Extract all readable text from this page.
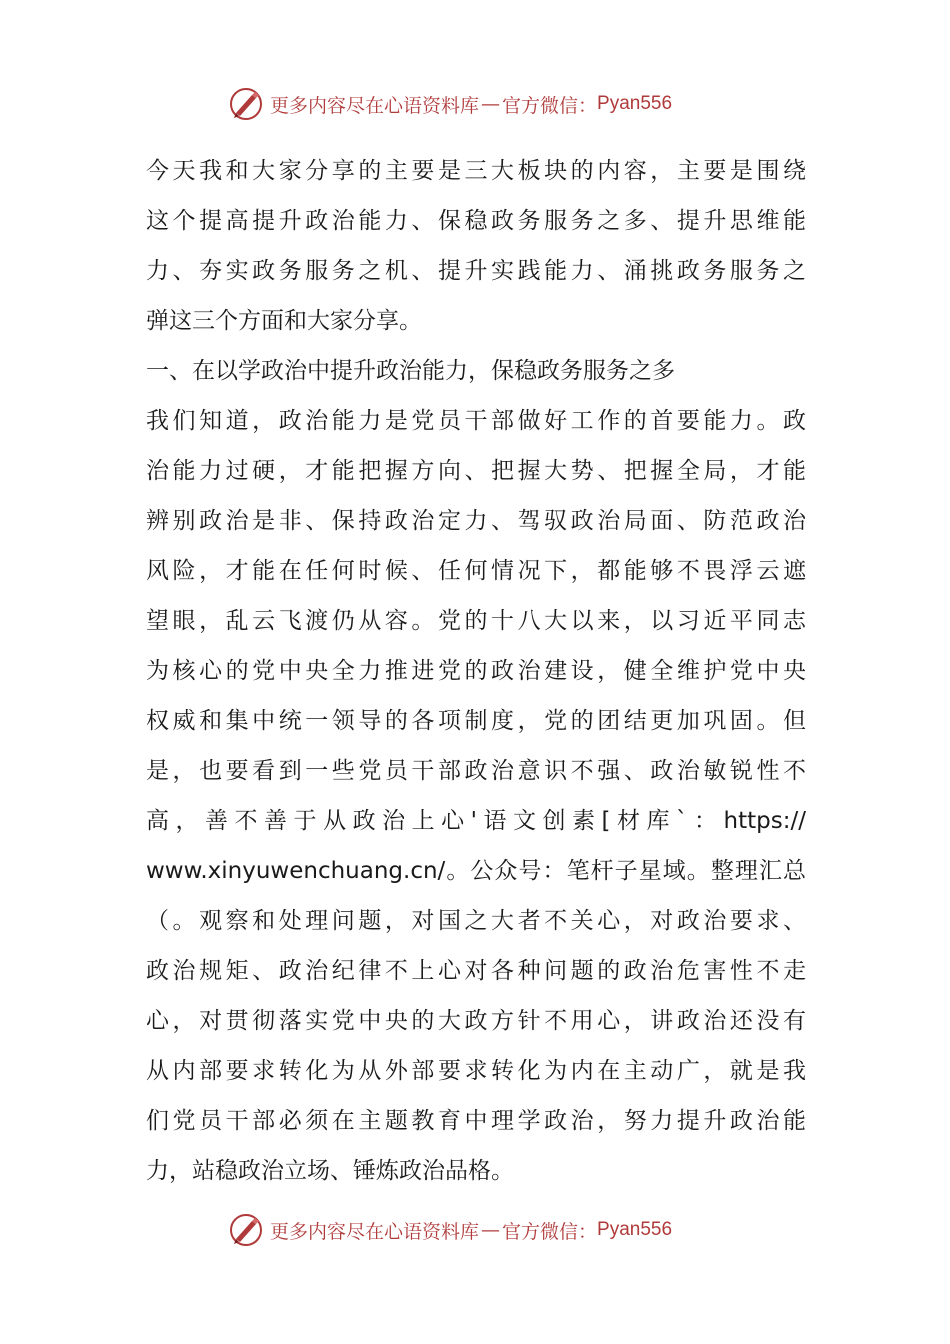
更多内容尽在心语资料库 — 官方微信： Pyan556
今天我和大家分享的主要是三大板块的内容，主要是围绕
这个提高提升政治能力、保稳政务服务之多、提升思维能
力、夯实政务服务之机、提升实践能力、涌挑政务服务之
弹这三个方面和大家分享。
一、在以学政治中提升政治能力，保稳政务服务之多
我们知道，政治能力是党员干部做好工作的首要能力。政
治能力过硬，才能把握方向、把握大势、把握全局，才能
辨别政治是非、保持政治定力、驾驭政治局面、防范政治
风险，才能在任何时候、任何情况下，都能够不畏浮云遮
望眼，乱云飞渡仍从容。党的十八大以来，以习近平同志
为核心的党中央全力推进党的政治建设，健全维护党中央
权威和集中统一领导的各项制度，党的团结更加巩固。但
是，也要看到一些党员干部政治意识不强、政治敏锐性不
高，善不善于从政治上心'语文创素[材库`：https://
www.xinyuwenchuang.cn/。公众号：笔杆子星域。整理汇总
（。观察和处理问题，对国之大者不关心，对政治要求、
政治规矩、政治纪律不上心对各种问题的政治危害性不走
心，对贯彻落实党中央的大政方针不用心，讲政治还没有
从内部要求转化为从外部要求转化为内在主动广，就是我
们党员干部必须在主题教育中理学政治，努力提升政治能
力，站稳政治立场、锤炼政治品格。
更多内容尽在心语资料库 — 官方微信： Pyan556
